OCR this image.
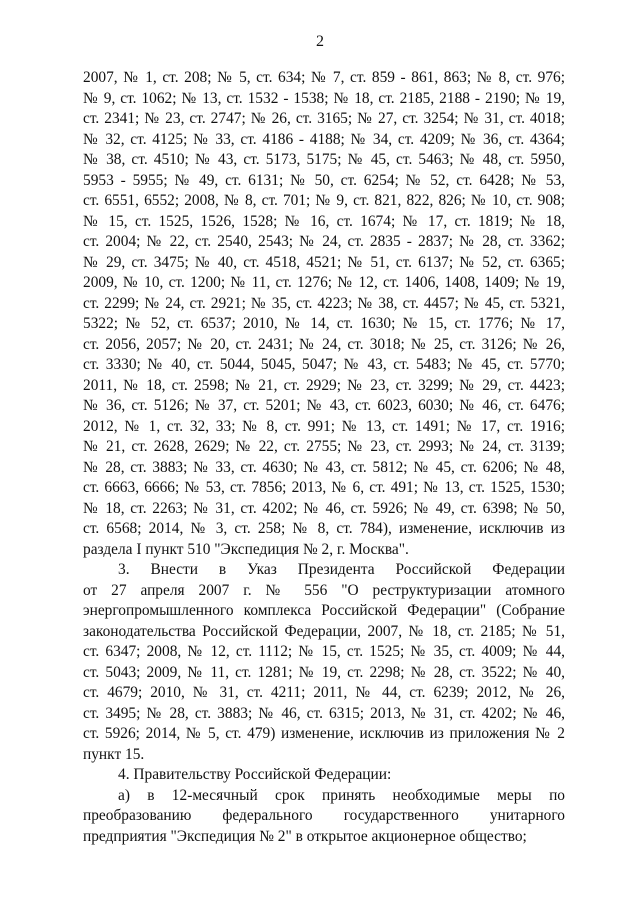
2
2007, № 1, ст. 208; № 5, ст. 634; № 7, ст. 859 - 861, 863; № 8, ст. 976;
№ 9, ст. 1062; № 13, ст. 1532 - 1538; № 18, ст. 2185, 2188 - 2190; № 19,
ст. 2341; № 23, ст. 2747; № 26, ст. 3165; № 27, ст. 3254; № 31, ст. 4018;
№ 32, ст. 4125; № 33, ст. 4186 - 4188; № 34, ст. 4209; № 36, ст. 4364;
№ 38, ст. 4510; № 43, ст. 5173, 5175; № 45, ст. 5463; № 48, ст. 5950,
5953 - 5955; № 49, ст. 6131; № 50, ст. 6254; № 52, ст. 6428; № 53,
ст. 6551, 6552; 2008, № 8, ст. 701; № 9, ст. 821, 822, 826; № 10, ст. 908;
№ 15, ст. 1525, 1526, 1528; № 16, ст. 1674; № 17, ст. 1819; № 18,
ст. 2004; № 22, ст. 2540, 2543; № 24, ст. 2835 - 2837; № 28, ст. 3362;
№ 29, ст. 3475; № 40, ст. 4518, 4521; № 51, ст. 6137; № 52, ст. 6365;
2009, № 10, ст. 1200; № 11, ст. 1276; № 12, ст. 1406, 1408, 1409; № 19,
ст. 2299; № 24, ст. 2921; № 35, ст. 4223; № 38, ст. 4457; № 45, ст. 5321,
5322; № 52, ст. 6537; 2010, № 14, ст. 1630; № 15, ст. 1776; № 17,
ст. 2056, 2057; № 20, ст. 2431; № 24, ст. 3018; № 25, ст. 3126; № 26,
ст. 3330; № 40, ст. 5044, 5045, 5047; № 43, ст. 5483; № 45, ст. 5770;
2011, № 18, ст. 2598; № 21, ст. 2929; № 23, ст. 3299; № 29, ст. 4423;
№ 36, ст. 5126; № 37, ст. 5201; № 43, ст. 6023, 6030; № 46, ст. 6476;
2012, № 1, ст. 32, 33; № 8, ст. 991; № 13, ст. 1491; № 17, ст. 1916;
№ 21, ст. 2628, 2629; № 22, ст. 2755; № 23, ст. 2993; № 24, ст. 3139;
№ 28, ст. 3883; № 33, ст. 4630; № 43, ст. 5812; № 45, ст. 6206; № 48,
ст. 6663, 6666; № 53, ст. 7856; 2013, № 6, ст. 491; № 13, ст. 1525, 1530;
№ 18, ст. 2263; № 31, ст. 4202; № 46, ст. 5926; № 49, ст. 6398; № 50,
ст. 6568; 2014, № 3, ст. 258; № 8, ст. 784), изменение, исключив из
раздела I пункт 510 "Экспедиция № 2, г. Москва".
3. Внести в Указ Президента Российской Федерации
от 27 апреля 2007 г. № 556 "О реструктуризации атомного
энергопромышленного комплекса Российской Федерации" (Собрание
законодательства Российской Федерации, 2007, № 18, ст. 2185; № 51,
ст. 6347; 2008, № 12, ст. 1112; № 15, ст. 1525; № 35, ст. 4009; № 44,
ст. 5043; 2009, № 11, ст. 1281; № 19, ст. 2298; № 28, ст. 3522; № 40,
ст. 4679; 2010, № 31, ст. 4211; 2011, № 44, ст. 6239; 2012, № 26,
ст. 3495; № 28, ст. 3883; № 46, ст. 6315; 2013, № 31, ст. 4202; № 46,
ст. 5926; 2014, № 5, ст. 479) изменение, исключив из приложения № 2
пункт 15.
4. Правительству Российской Федерации:
а) в 12-месячный срок принять необходимые меры по
преобразованию федерального государственного унитарного
предприятия "Экспедиция № 2" в открытое акционерное общество;
